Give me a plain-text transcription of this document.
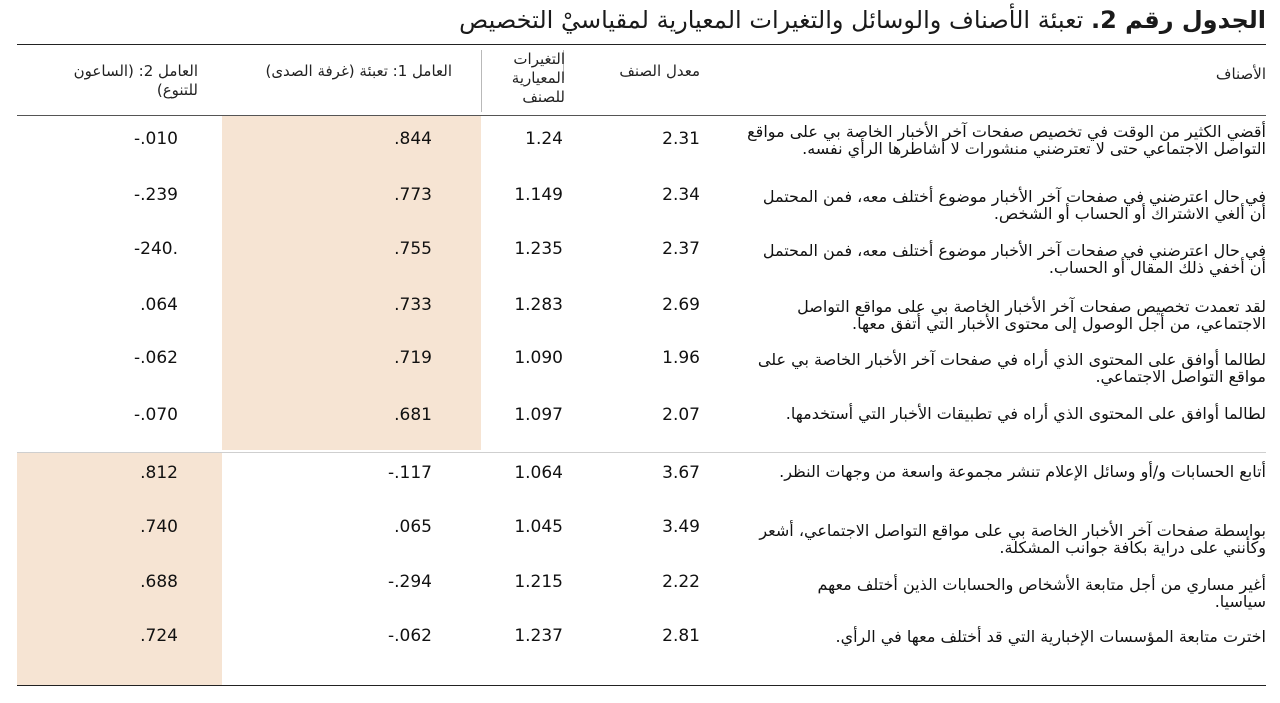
الجدول رقم 2. تعبئة الأصناف والوسائل والتغيرات المعيارية لمقياسيْ التخصيص
الأصناف
معدل الصنف
التغيرات المعيارية للصنف
العامل 1: تعبئة (غرفة الصدى)
العامل 2: (الساعون للتنوع)
أقضي الكثير من الوقت في تخصيص صفحات آخر الأخبار الخاصة بي على مواقع التواصل الاجتماعي حتى لا تعترضني منشورات لا أشاطرها الرأي نفسه.
2.31
1.24
.844
-.010
في حال اعترضني في صفحات آخر الأخبار موضوع أختلف معه، فمن المحتمل أن ألغي الاشتراك أو الحساب أو الشخص.
2.34
1.149
.773
-.239
في حال اعترضني في صفحات آخر الأخبار موضوع أختلف معه، فمن المحتمل أن أخفي ذلك المقال أو الحساب.
2.37
1.235
.755
-240.
لقد تعمدت تخصيص صفحات آخر الأخبار الخاصة بي على مواقع التواصل الاجتماعي، من أجل الوصول إلى محتوى الأخبار التي أتفق معها.
2.69
1.283
.733
.064
لطالما أوافق على المحتوى الذي أراه في صفحات آخر الأخبار الخاصة بي على مواقع التواصل الاجتماعي.
1.96
1.090
.719
-.062
لطالما أوافق على المحتوى الذي أراه في تطبيقات الأخبار التي أستخدمها.
2.07
1.097
.681
-.070
أتابع الحسابات و/أو وسائل الإعلام تنشر مجموعة واسعة من وجهات النظر.
3.67
1.064
-.117
.812
بواسطة صفحات آخر الأخبار الخاصة بي على مواقع التواصل الاجتماعي، أشعر وكأنني على دراية بكافة جوانب المشكلة.
3.49
1.045
.065
.740
أغير مساري من أجل متابعة الأشخاص والحسابات الذين أختلف معهم سياسيا.
2.22
1.215
-.294
.688
اخترت متابعة المؤسسات الإخبارية التي قد أختلف معها في الرأي.
2.81
1.237
-.062
.724
